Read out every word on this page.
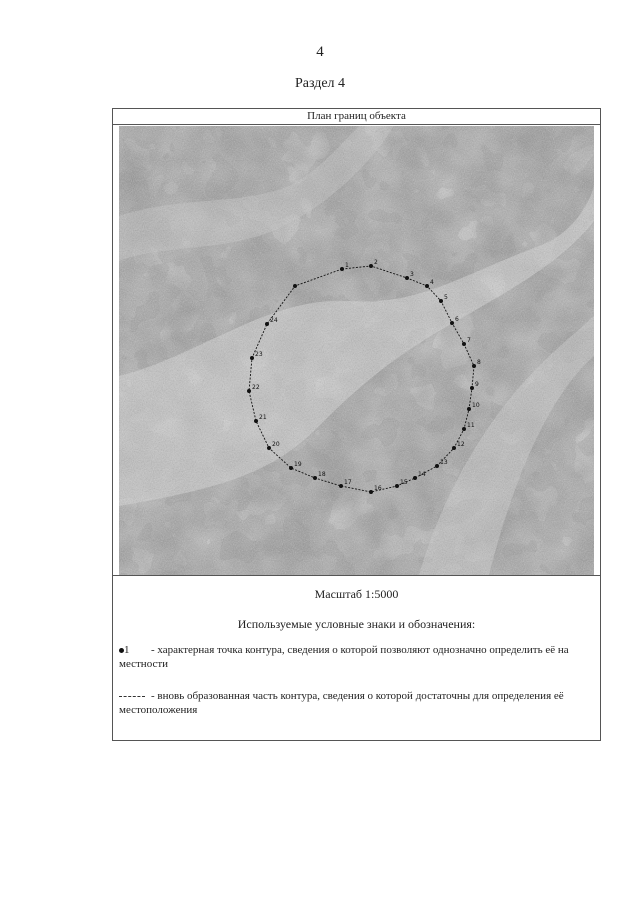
4
Раздел 4
План границ объекта
1	2
3
4
5
6
7
8
9
10
11
12
13
14
15
16
17
18
19
20
21
22
23
24
Масштаб 1:5000
Используемые условные знаки и обозначения:
1	- характерная точка контура, сведения о которой позволяют однозначно определить её на местности
- вновь образованная часть контура, сведения о которой достаточны для определения её местоположения
